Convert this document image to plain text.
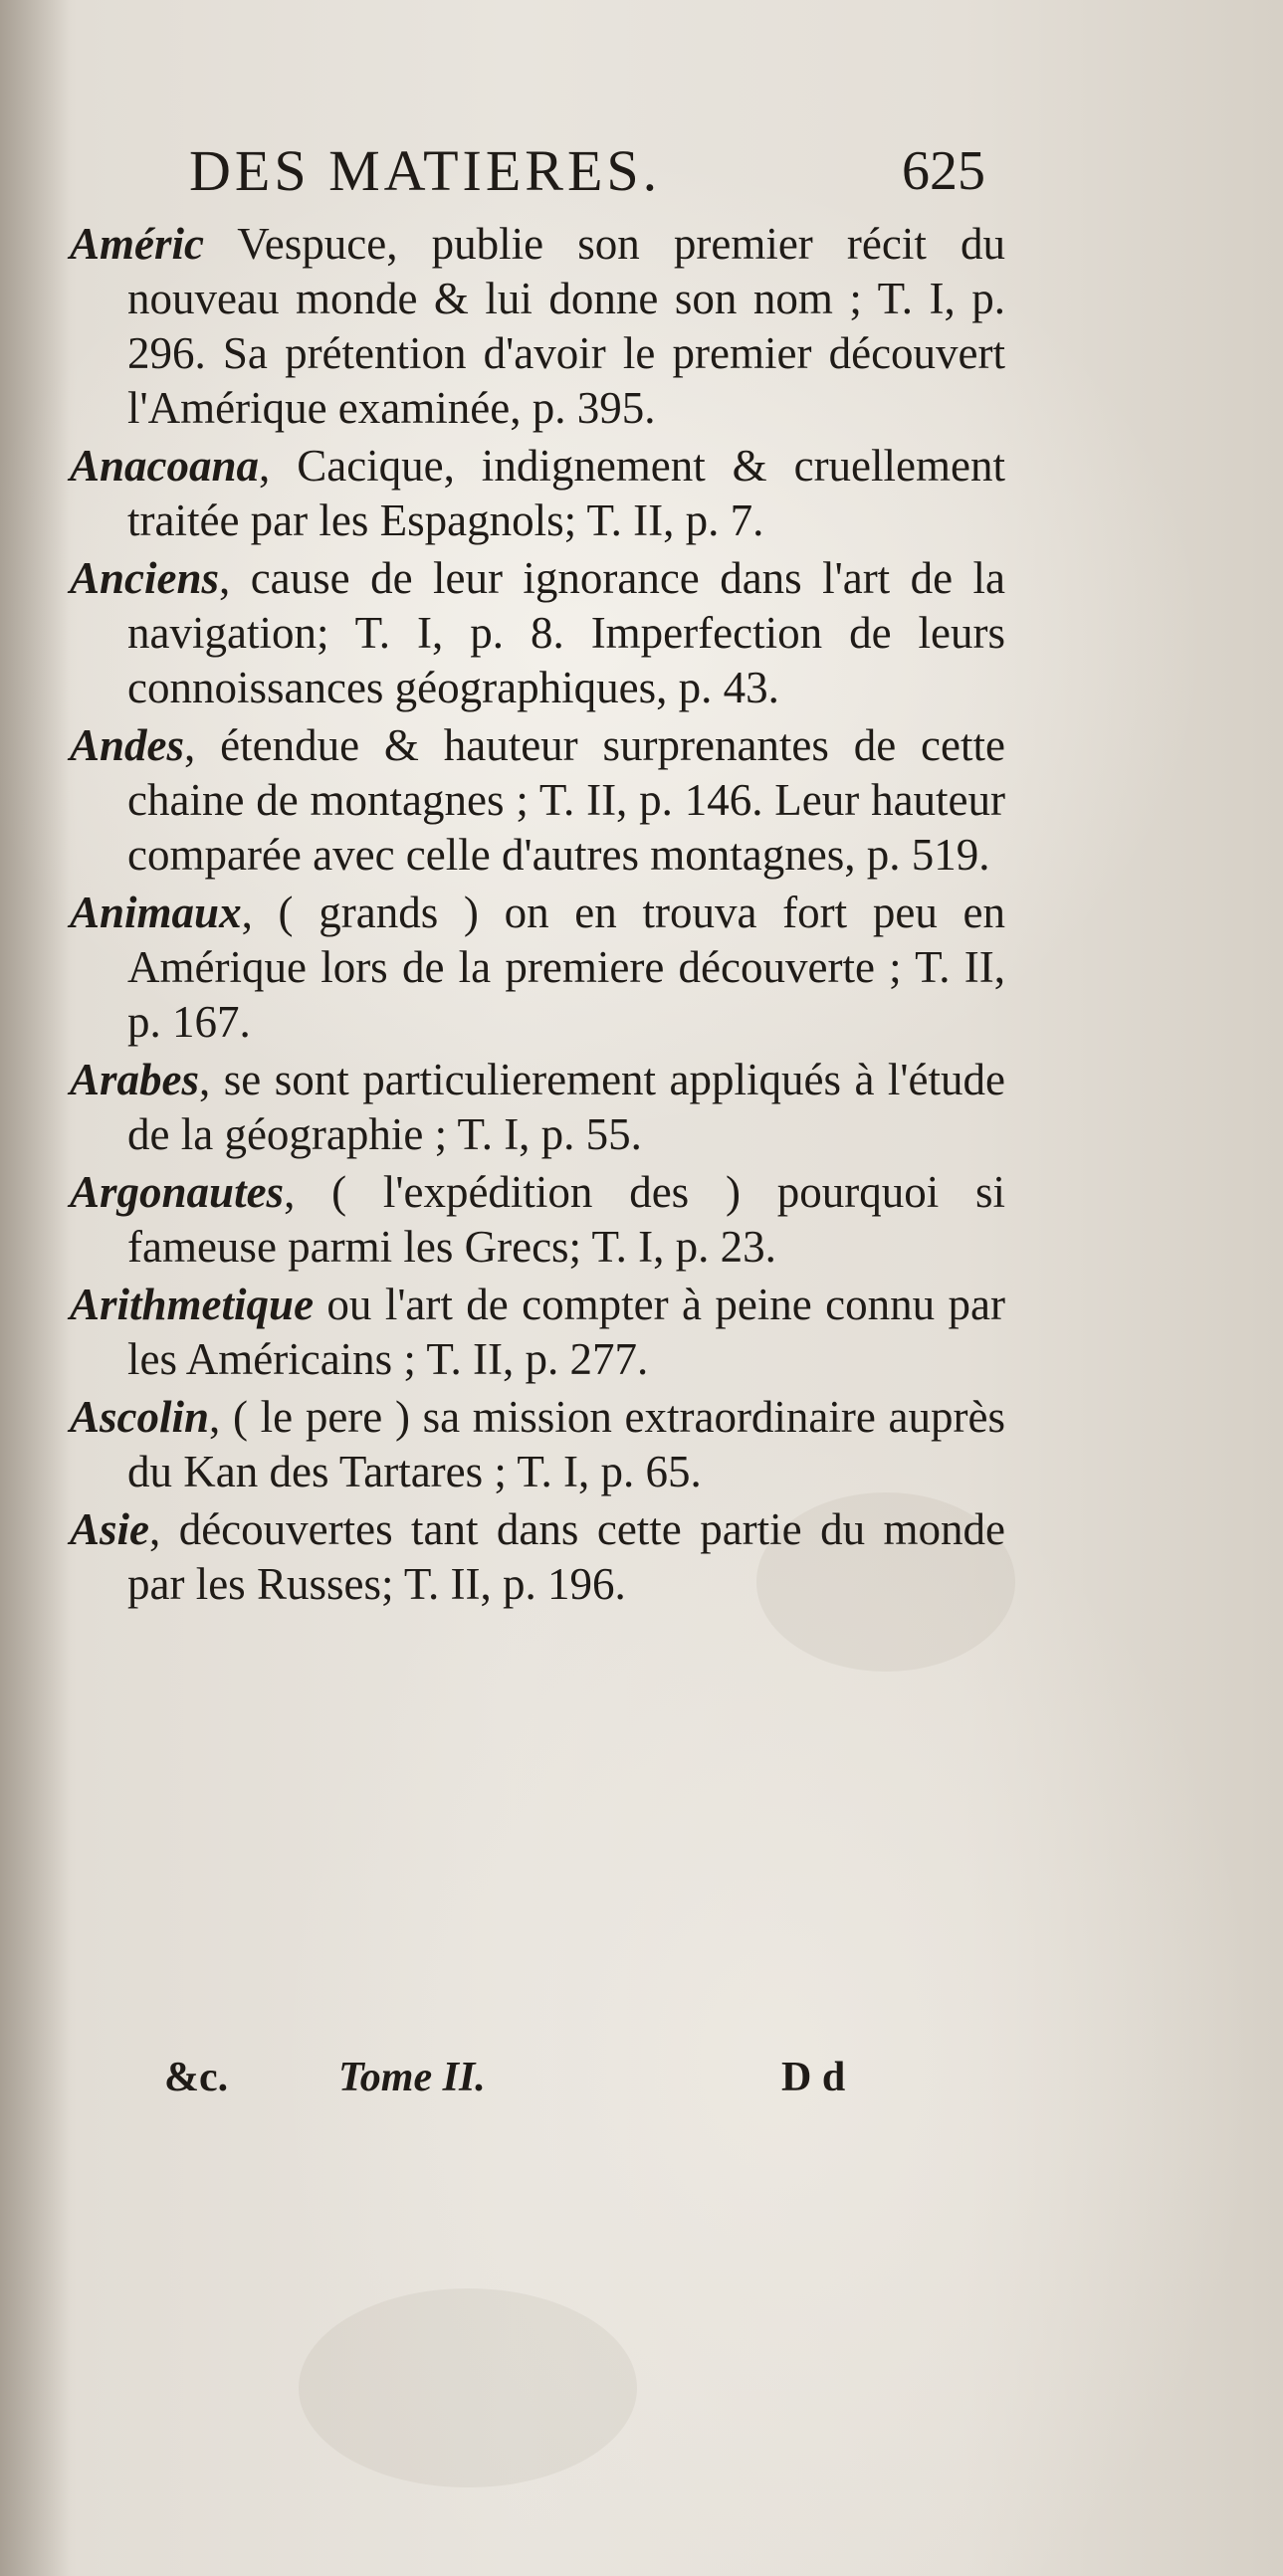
DES MATIERES.	625
Améric Vespuce, publie son premier récit du nouveau monde & lui donne son nom ; T. I, p. 296. Sa prétention d'avoir le premier découvert l'Amérique examinée, p. 395.
Anacoana, Cacique, indignement & cruellement traitée par les Espagnols; T. II, p. 7.
Anciens, cause de leur ignorance dans l'art de la navigation; T. I, p. 8. Imperfection de leurs connoissances géographiques, p. 43.
Andes, étendue & hauteur surprenantes de cette chaine de montagnes ; T. II, p. 146. Leur hauteur comparée avec celle d'autres montagnes, p. 519.
Animaux, ( grands ) on en trouva fort peu en Amérique lors de la premiere découverte ; T. II, p. 167.
Arabes, se sont particulierement appliqués à l'étude de la géographie ; T. I, p. 55.
Argonautes, ( l'expédition des ) pourquoi si fameuse parmi les Grecs; T. I, p. 23.
Arithmetique ou l'art de compter à peine connu par les Américains ; T. II, p. 277.
Ascolin, ( le pere ) sa mission extraordinaire auprès du Kan des Tartares ; T. I, p. 65.
Asie, découvertes tant dans cette partie du monde par les Russes; T. II, p. 196.
&c.	Tome II.	D d
